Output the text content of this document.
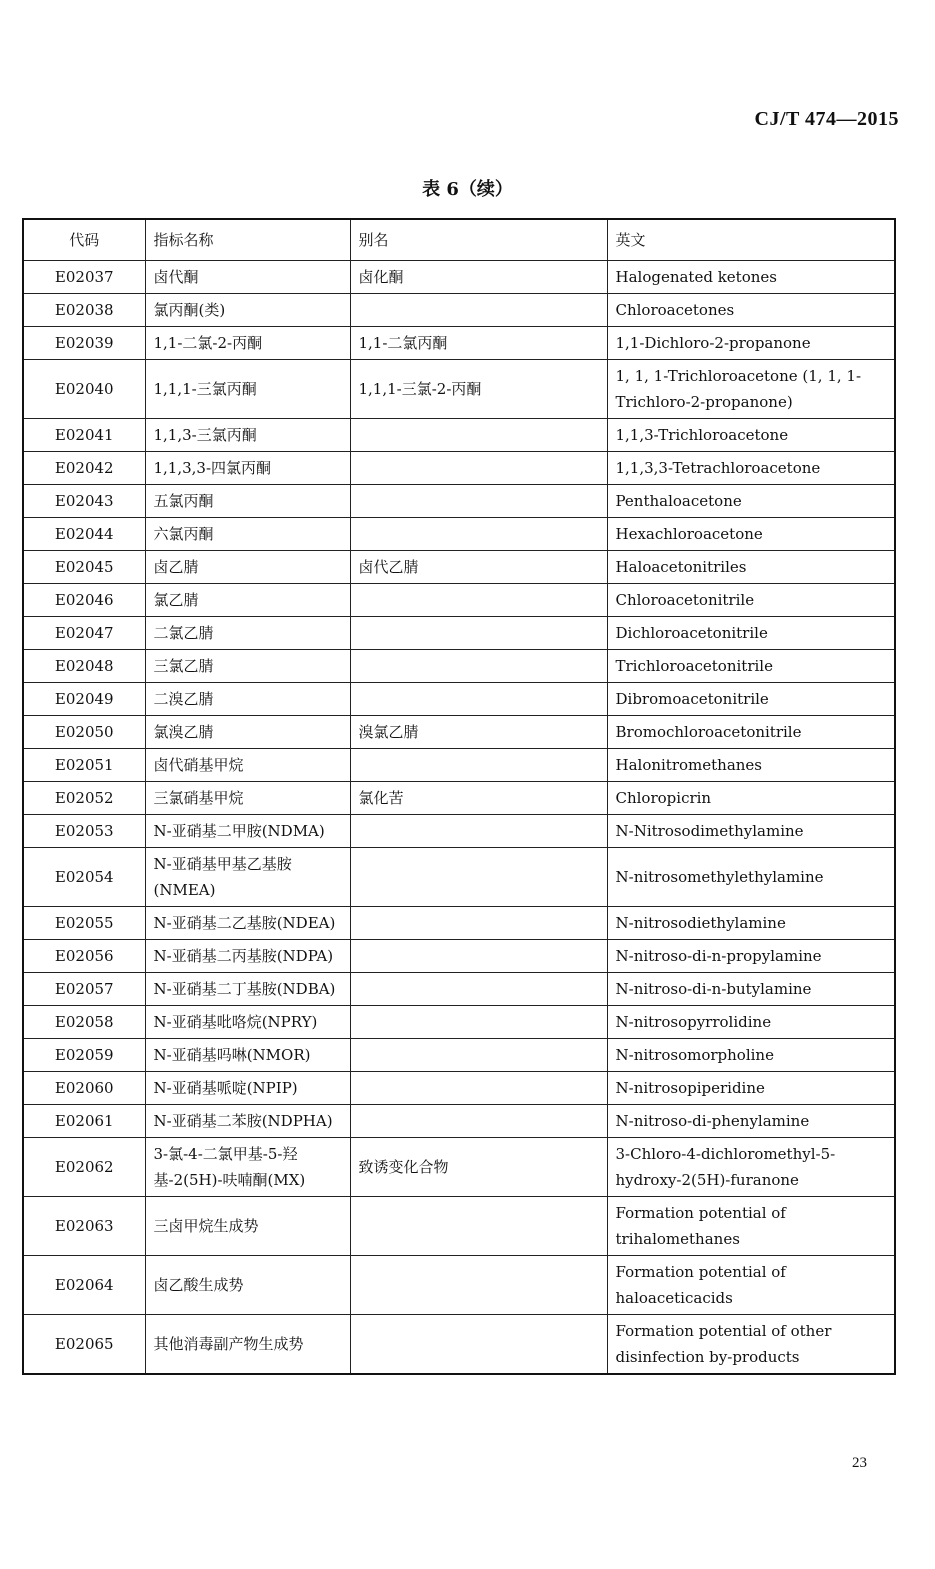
CJ/T 474—2015
表 6（续）
代码	指标名称	别名	英文
E02037	卤代酮	卤化酮	Halogenated ketones
E02038	氯丙酮(类)		Chloroacetones
E02039	1,1-二氯-2-丙酮	1,1-二氯丙酮	1,1-Dichloro-2-propanone
E02040	1,1,1-三氯丙酮	1,1,1-三氯-2-丙酮	1, 1, 1-Trichloroacetone (1, 1, 1-Trichloro-2-propanone)
E02041	1,1,3-三氯丙酮		1,1,3-Trichloroacetone
E02042	1,1,3,3-四氯丙酮		1,1,3,3-Tetrachloroacetone
E02043	五氯丙酮		Penthaloacetone
E02044	六氯丙酮		Hexachloroacetone
E02045	卤乙腈	卤代乙腈	Haloacetonitriles
E02046	氯乙腈		Chloroacetonitrile
E02047	二氯乙腈		Dichloroacetonitrile
E02048	三氯乙腈		Trichloroacetonitrile
E02049	二溴乙腈		Dibromoacetonitrile
E02050	氯溴乙腈	溴氯乙腈	Bromochloroacetonitrile
E02051	卤代硝基甲烷		Halonitromethanes
E02052	三氯硝基甲烷	氯化苦	Chloropicrin
E02053	N-亚硝基二甲胺(NDMA)		N-Nitrosodimethylamine
E02054	N-亚硝基甲基乙基胺(NMEA)		N-nitrosomethylethylamine
E02055	N-亚硝基二乙基胺(NDEA)		N-nitrosodiethylamine
E02056	N-亚硝基二丙基胺(NDPA)		N-nitroso-di-n-propylamine
E02057	N-亚硝基二丁基胺(NDBA)		N-nitroso-di-n-butylamine
E02058	N-亚硝基吡咯烷(NPRY)		N-nitrosopyrrolidine
E02059	N-亚硝基吗啉(NMOR)		N-nitrosomorpholine
E02060	N-亚硝基哌啶(NPIP)		N-nitrosopiperidine
E02061	N-亚硝基二苯胺(NDPHA)		N-nitroso-di-phenylamine
E02062	3-氯-4-二氯甲基-5-羟基-2(5H)-呋喃酮(MX)	致诱变化合物	3-Chloro-4-dichloromethyl-5-hydroxy-2(5H)-furanone
E02063	三卤甲烷生成势		Formation potential of trihalomethanes
E02064	卤乙酸生成势		Formation potential of haloaceticacids
E02065	其他消毒副产物生成势		Formation potential of other disinfection by-products
23
